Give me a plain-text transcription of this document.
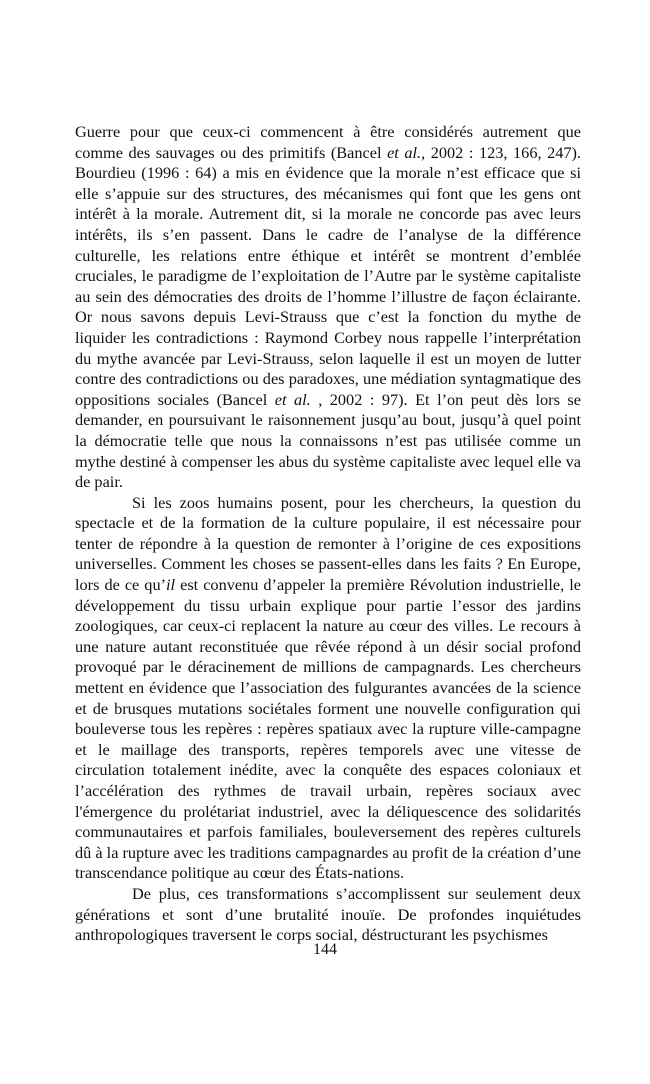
Guerre pour que ceux-ci commencent à être considérés autrement que comme des sauvages ou des primitifs (Bancel et al., 2002 : 123, 166, 247). Bourdieu (1996 : 64) a mis en évidence que la morale n’est efficace que si elle s’appuie sur des structures, des mécanismes qui font que les gens ont intérêt à la morale. Autrement dit, si la morale ne concorde pas avec leurs intérêts, ils s’en passent. Dans le cadre de l’analyse de la différence culturelle, les relations entre éthique et intérêt se montrent d’emblée cruciales, le paradigme de l’exploitation de l’Autre par le système capitaliste au sein des démocraties des droits de l’homme l’illustre de façon éclairante. Or nous savons depuis Levi-Strauss que c’est la fonction du mythe de liquider les contradictions : Raymond Corbey nous rappelle l’interprétation du mythe avancée par Levi-Strauss, selon laquelle il est un moyen de lutter contre des contradictions ou des paradoxes, une médiation syntagmatique des oppositions sociales (Bancel et al. , 2002 : 97). Et l’on peut dès lors se demander, en poursuivant le raisonnement jusqu’au bout, jusqu’à quel point la démocratie telle que nous la connaissons n’est pas utilisée comme un mythe destiné à compenser les abus du système capitaliste avec lequel elle va de pair.

Si les zoos humains posent, pour les chercheurs, la question du spectacle et de la formation de la culture populaire, il est nécessaire pour tenter de répondre à la question de remonter à l’origine de ces expositions universelles. Comment les choses se passent-elles dans les faits ? En Europe, lors de ce qu’il est convenu d’appeler la première Révolution industrielle, le développement du tissu urbain explique pour partie l’essor des jardins zoologiques, car ceux-ci replacent la nature au cœur des villes. Le recours à une nature autant reconstituée que rêvée répond à un désir social profond provoqué par le déracinement de millions de campagnards. Les chercheurs mettent en évidence que l’association des fulgurantes avancées de la science et de brusques mutations sociétales forment une nouvelle configuration qui bouleverse tous les repères : repères spatiaux avec la rupture ville-campagne et le maillage des transports, repères temporels avec une vitesse de circulation totalement inédite, avec la conquête des espaces coloniaux et l’accélération des rythmes de travail urbain, repères sociaux avec l'émergence du prolétariat industriel, avec la déliquescence des solidarités communautaires et parfois familiales, bouleversement des repères culturels dû à la rupture avec les traditions campagnardes au profit de la création d’une transcendance politique au cœur des États-nations.

De plus, ces transformations s’accomplissent sur seulement deux générations et sont d’une brutalité inouïe. De profondes inquiétudes anthropologiques traversent le corps social, déstructurant les psychismes

144
